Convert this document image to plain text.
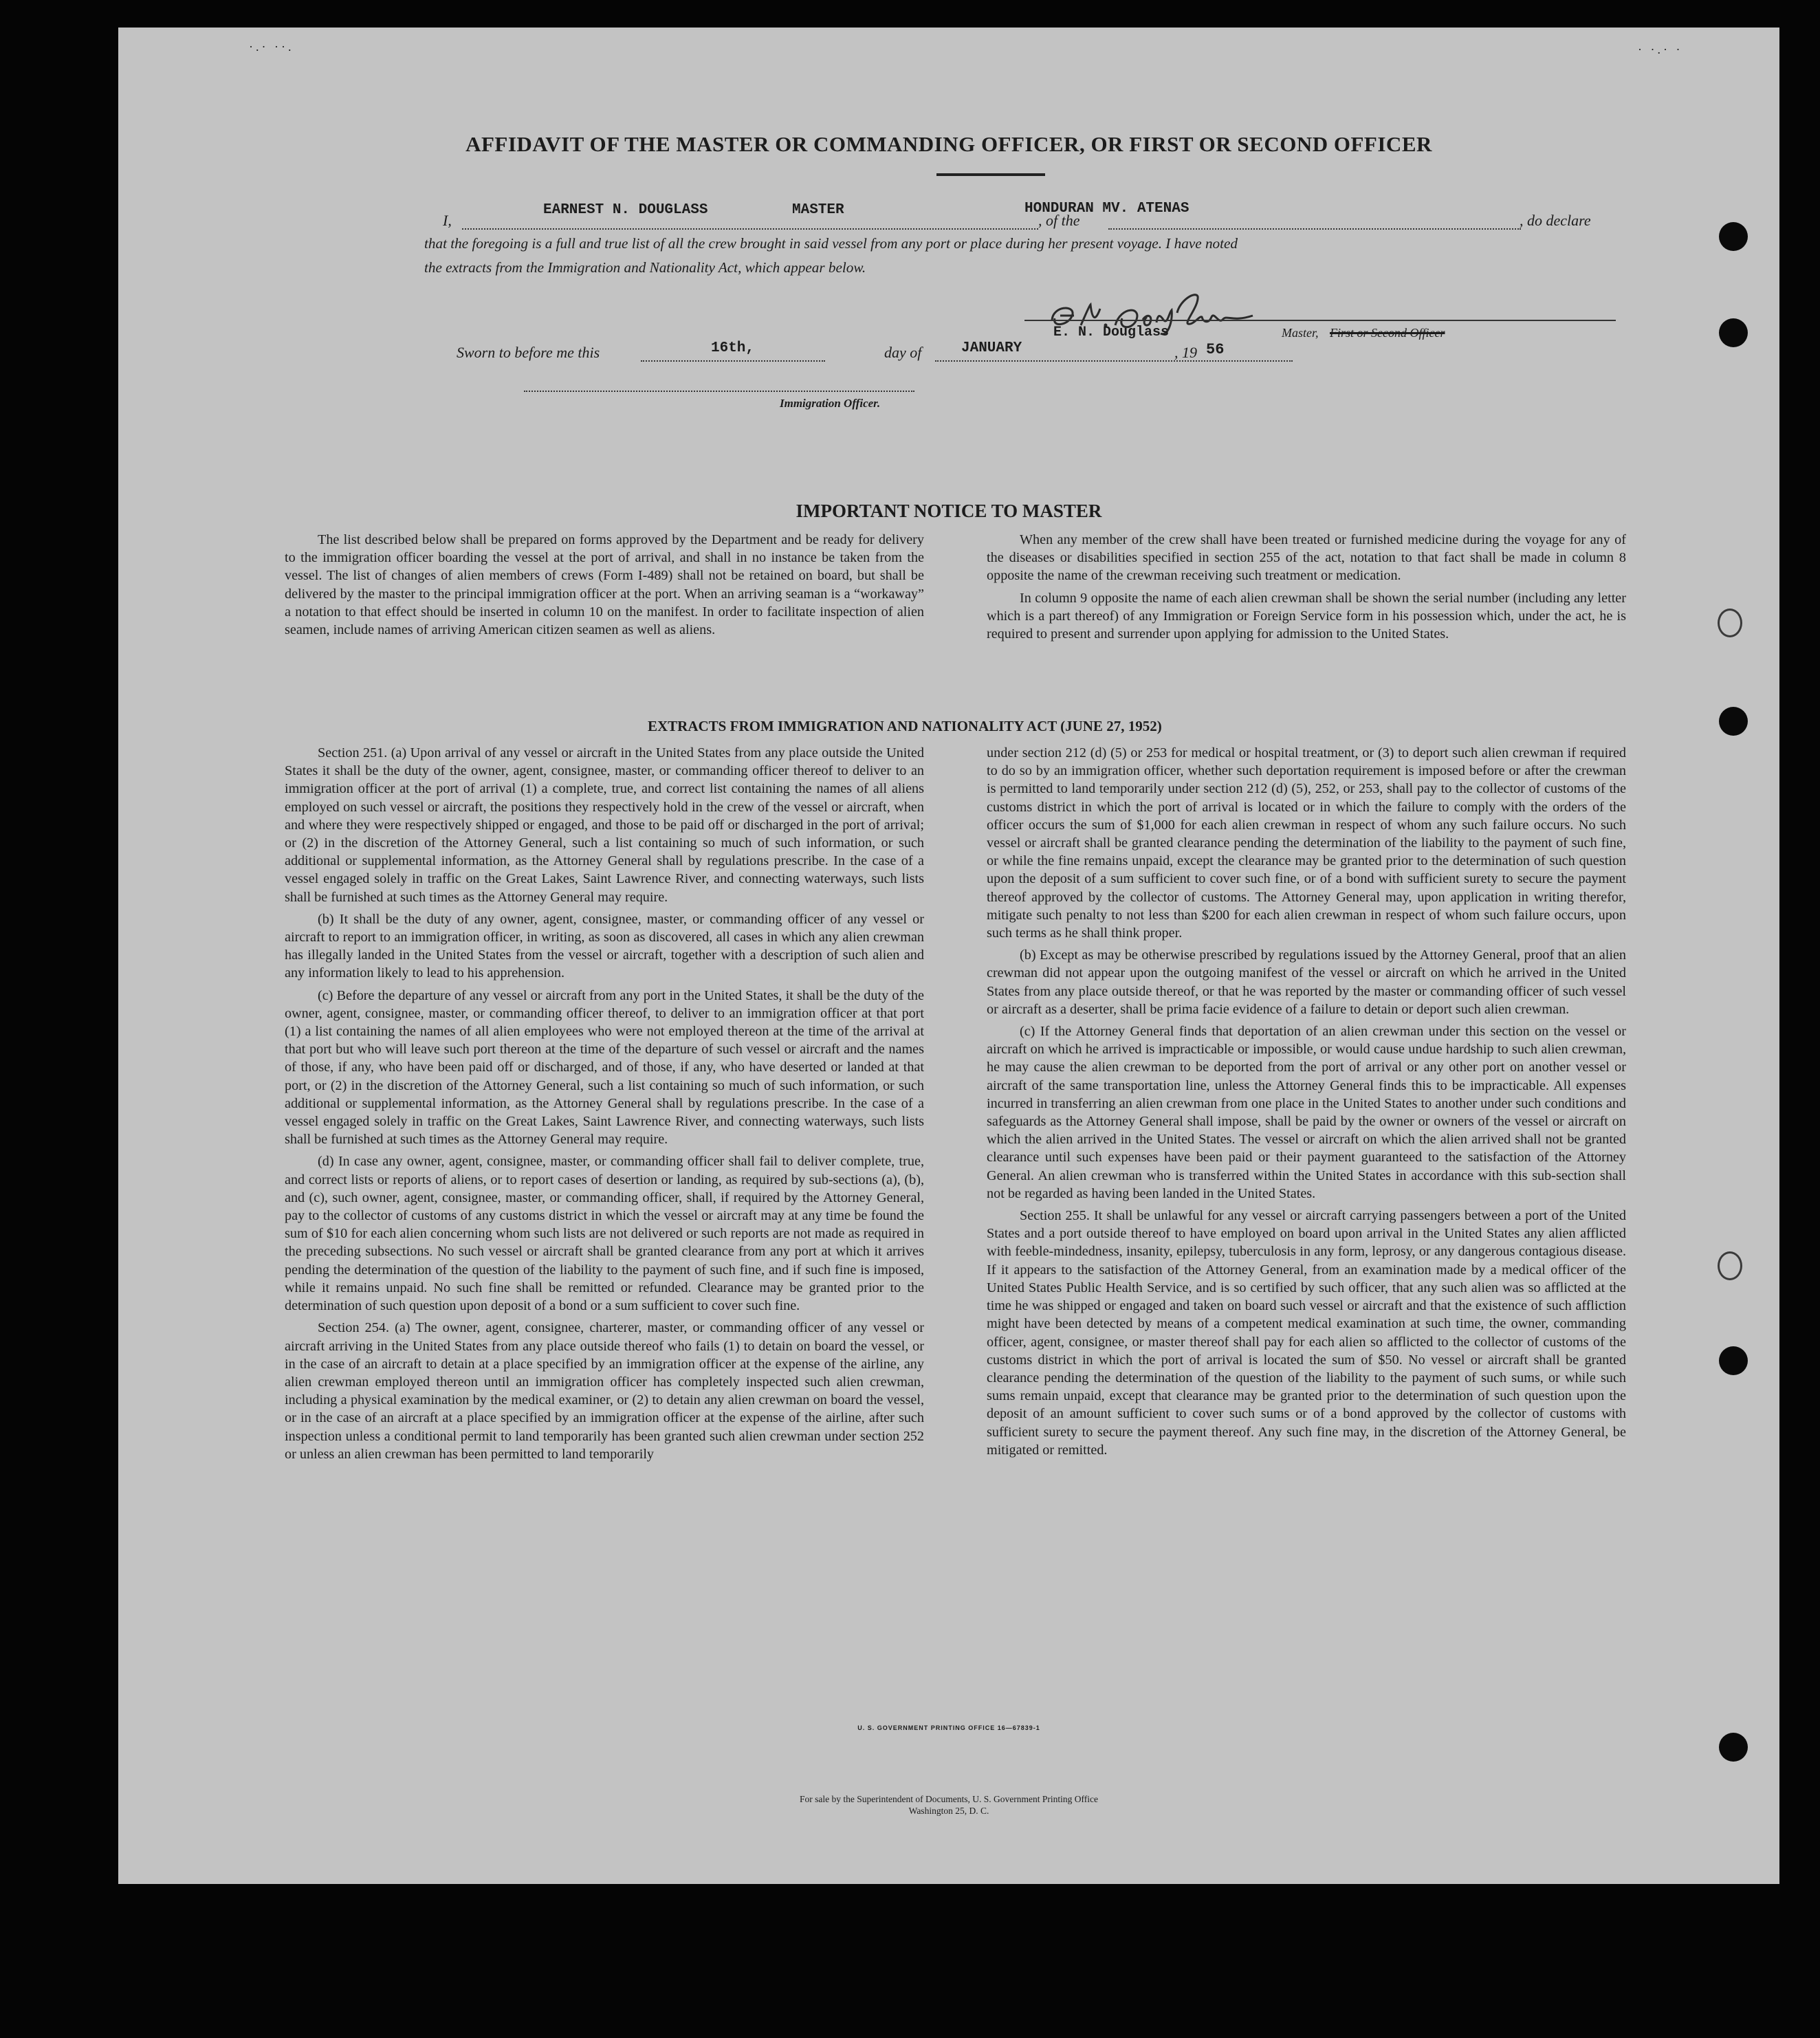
·.· ··.	· ·.· ·
AFFIDAVIT OF THE MASTER OR COMMANDING OFFICER, OR FIRST OR SECOND OFFICER
I,
EARNEST N. DOUGLASS	MASTER
, of the
HONDURAN MV. ATENAS
, do declare
that the foregoing is a full and true list of all the crew brought in said vessel from any port or place during her present voyage. I have noted
the extracts from the Immigration and Nationality Act, which appear below.
E. N. Douglass	Master, First or Second Officer
Sworn to before me this	16th,	day of	JANUARY	, 19 56
Immigration Officer.
IMPORTANT NOTICE TO MASTER

The list described below shall be prepared on forms approved by the Department and be ready for delivery to the immigration officer boarding the vessel at the port of arrival, and shall in no instance be taken from the vessel. The list of changes of alien members of crews (Form I-489) shall not be retained on board, but shall be delivered by the master to the principal immigration officer at the port. When an arriving seaman is a “workaway” a notation to that effect should be inserted in column 10 on the manifest. In order to facilitate inspection of alien seamen, include names of arriving American citizen seamen as well as aliens.

When any member of the crew shall have been treated or furnished medicine during the voyage for any of the diseases or disabilities specified in section 255 of the act, notation to that fact shall be made in column 8 opposite the name of the crewman receiving such treatment or medication.

In column 9 opposite the name of each alien crewman shall be shown the serial number (including any letter which is a part thereof) of any Immigration or Foreign Service form in his possession which, under the act, he is required to present and surrender upon applying for admission to the United States.

EXTRACTS FROM IMMIGRATION AND NATIONALITY ACT (JUNE 27, 1952)

Section 251. (a) Upon arrival of any vessel or aircraft in the United States from any place outside the United States it shall be the duty of the owner, agent, consignee, master, or commanding officer thereof to deliver to an immigration officer at the port of arrival (1) a complete, true, and correct list containing the names of all aliens employed on such vessel or aircraft, the positions they respectively hold in the crew of the vessel or aircraft, when and where they were respectively shipped or engaged, and those to be paid off or discharged in the port of arrival; or (2) in the discretion of the Attorney General, such a list containing so much of such information, or such additional or supplemental information, as the Attorney General shall by regulations prescribe. In the case of a vessel engaged solely in traffic on the Great Lakes, Saint Lawrence River, and connecting waterways, such lists shall be furnished at such times as the Attorney General may require.

(b) It shall be the duty of any owner, agent, consignee, master, or commanding officer of any vessel or aircraft to report to an immigration officer, in writing, as soon as discovered, all cases in which any alien crewman has illegally landed in the United States from the vessel or aircraft, together with a description of such alien and any information likely to lead to his apprehension.

(c) Before the departure of any vessel or aircraft from any port in the United States, it shall be the duty of the owner, agent, consignee, master, or commanding officer thereof, to deliver to an immigration officer at that port (1) a list containing the names of all alien employees who were not employed thereon at the time of the arrival at that port but who will leave such port thereon at the time of the departure of such vessel or aircraft and the names of those, if any, who have been paid off or discharged, and of those, if any, who have deserted or landed at that port, or (2) in the discretion of the Attorney General, such a list containing so much of such information, or such additional or supplemental information, as the Attorney General shall by regulations prescribe. In the case of a vessel engaged solely in traffic on the Great Lakes, Saint Lawrence River, and connecting waterways, such lists shall be furnished at such times as the Attorney General may require.

(d) In case any owner, agent, consignee, master, or commanding officer shall fail to deliver complete, true, and correct lists or reports of aliens, or to report cases of desertion or landing, as required by sub-sections (a), (b), and (c), such owner, agent, consignee, master, or commanding officer, shall, if required by the Attorney General, pay to the collector of customs of any customs district in which the vessel or aircraft may at any time be found the sum of $10 for each alien concerning whom such lists are not delivered or such reports are not made as required in the preceding subsections. No such vessel or aircraft shall be granted clearance from any port at which it arrives pending the determination of the question of the liability to the payment of such fine, and if such fine is imposed, while it remains unpaid. No such fine shall be remitted or refunded. Clearance may be granted prior to the determination of such question upon deposit of a bond or a sum sufficient to cover such fine.

Section 254. (a) The owner, agent, consignee, charterer, master, or commanding officer of any vessel or aircraft arriving in the United States from any place outside thereof who fails (1) to detain on board the vessel, or in the case of an aircraft to detain at a place specified by an immigration officer at the expense of the airline, any alien crewman employed thereon until an immigration officer has completely inspected such alien crewman, including a physical examination by the medical examiner, or (2) to detain any alien crewman on board the vessel, or in the case of an aircraft at a place specified by an immigration officer at the expense of the airline, after such inspection unless a conditional permit to land temporarily has been granted such alien crewman under section 252 or unless an alien crewman has been permitted to land temporarily

under section 212 (d) (5) or 253 for medical or hospital treatment, or (3) to deport such alien crewman if required to do so by an immigration officer, whether such deportation requirement is imposed before or after the crewman is permitted to land temporarily under section 212 (d) (5), 252, or 253, shall pay to the collector of customs of the customs district in which the port of arrival is located or in which the failure to comply with the orders of the officer occurs the sum of $1,000 for each alien crewman in respect of whom any such failure occurs. No such vessel or aircraft shall be granted clearance pending the determination of the liability to the payment of such fine, or while the fine remains unpaid, except the clearance may be granted prior to the determination of such question upon the deposit of a sum sufficient to cover such fine, or of a bond with sufficient surety to secure the payment thereof approved by the collector of customs. The Attorney General may, upon application in writing therefor, mitigate such penalty to not less than $200 for each alien crewman in respect of whom such failure occurs, upon such terms as he shall think proper.

(b) Except as may be otherwise prescribed by regulations issued by the Attorney General, proof that an alien crewman did not appear upon the outgoing manifest of the vessel or aircraft on which he arrived in the United States from any place outside thereof, or that he was reported by the master or commanding officer of such vessel or aircraft as a deserter, shall be prima facie evidence of a failure to detain or deport such alien crewman.

(c) If the Attorney General finds that deportation of an alien crewman under this section on the vessel or aircraft on which he arrived is impracticable or impossible, or would cause undue hardship to such alien crewman, he may cause the alien crewman to be deported from the port of arrival or any other port on another vessel or aircraft of the same transportation line, unless the Attorney General finds this to be impracticable. All expenses incurred in transferring an alien crewman from one place in the United States to another under such conditions and safeguards as the Attorney General shall impose, shall be paid by the owner or owners of the vessel or aircraft on which the alien arrived in the United States. The vessel or aircraft on which the alien arrived shall not be granted clearance until such expenses have been paid or their payment guaranteed to the satisfaction of the Attorney General. An alien crewman who is transferred within the United States in accordance with this sub-section shall not be regarded as having been landed in the United States.

Section 255. It shall be unlawful for any vessel or aircraft carrying passengers between a port of the United States and a port outside thereof to have employed on board upon arrival in the United States any alien afflicted with feeble-mindedness, insanity, epilepsy, tuberculosis in any form, leprosy, or any dangerous contagious disease. If it appears to the satisfaction of the Attorney General, from an examination made by a medical officer of the United States Public Health Service, and is so certified by such officer, that any such alien was so afflicted at the time he was shipped or engaged and taken on board such vessel or aircraft and that the existence of such affliction might have been detected by means of a competent medical examination at such time, the owner, commanding officer, agent, consignee, or master thereof shall pay for each alien so afflicted to the collector of customs of the customs district in which the port of arrival is located the sum of $50. No vessel or aircraft shall be granted clearance pending the determination of the question of the liability to the payment of such sums, or while such sums remain unpaid, except that clearance may be granted prior to the determination of such question upon the deposit of an amount sufficient to cover such sums or of a bond approved by the collector of customs with sufficient surety to secure the payment thereof. Any such fine may, in the discretion of the Attorney General, be mitigated or remitted.

U. S. GOVERNMENT PRINTING OFFICE 16—67839-1
For sale by the Superintendent of Documents, U. S. Government Printing Office
Washington 25, D. C.
